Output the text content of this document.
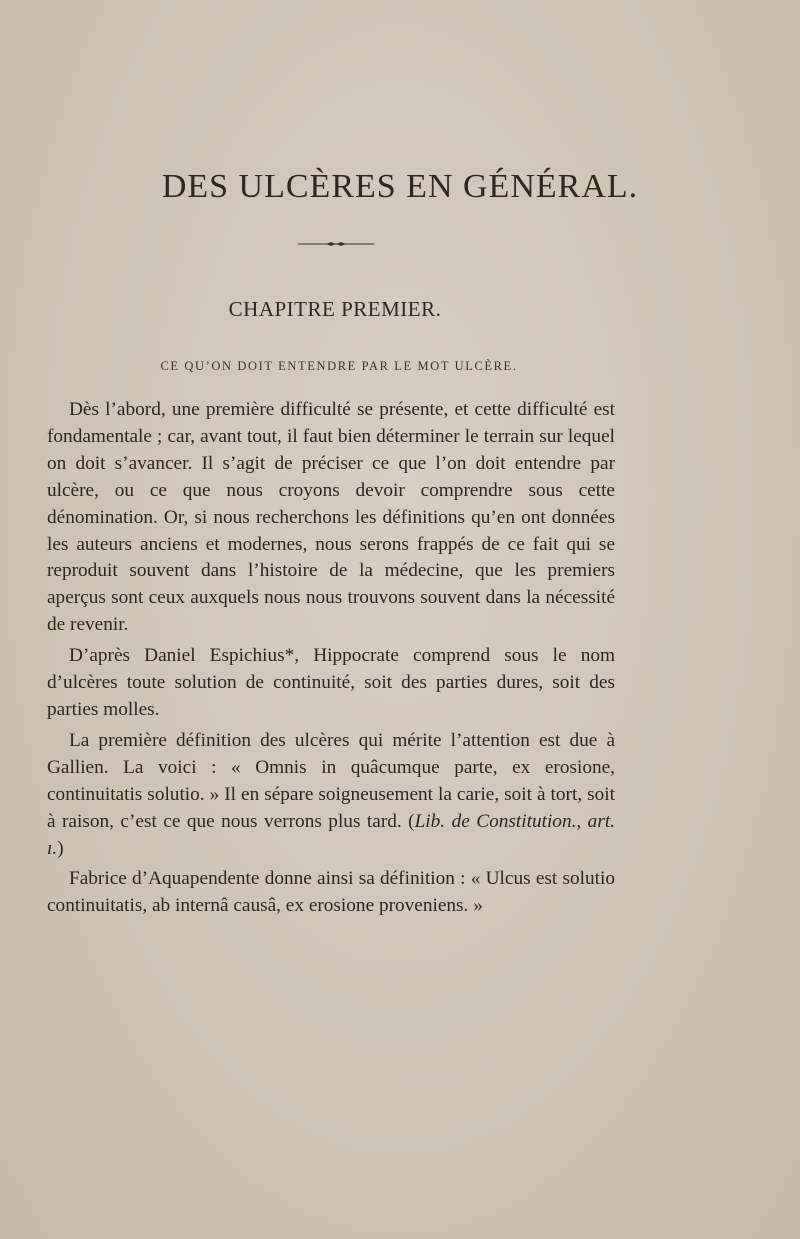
DES ULCÈRES EN GÉNÉRAL.
CHAPITRE PREMIER.
CE QU’ON DOIT ENTENDRE PAR LE MOT ULCÈRE.

Dès l’abord, une première difficulté se présente, et cette difficulté est fondamentale ; car, avant tout, il faut bien déterminer le terrain sur lequel on doit s’avancer. Il s’agit de préciser ce que l’on doit entendre par ulcère, ou ce que nous croyons devoir comprendre sous cette dénomination. Or, si nous recherchons les définitions qu’en ont données les auteurs anciens et modernes, nous serons frappés de ce fait qui se reproduit souvent dans l’histoire de la médecine, que les premiers aperçus sont ceux auxquels nous nous trouvons souvent dans la nécessité de revenir.

D’après Daniel Espichius*, Hippocrate comprend sous le nom d’ulcères toute solution de continuité, soit des parties dures, soit des parties molles.

La première définition des ulcères qui mérite l’attention est due à Gallien. La voici : « Omnis in quâcumque parte, ex erosione, continuitatis solutio. » Il en sépare soigneusement la carie, soit à tort, soit à raison, c’est ce que nous verrons plus tard. (Lib. de Constitution., art. ı.)

Fabrice d’Aquapendente donne ainsi sa définition : « Ulcus est solutio continuitatis, ab internâ causâ, ex erosione proveniens. »
